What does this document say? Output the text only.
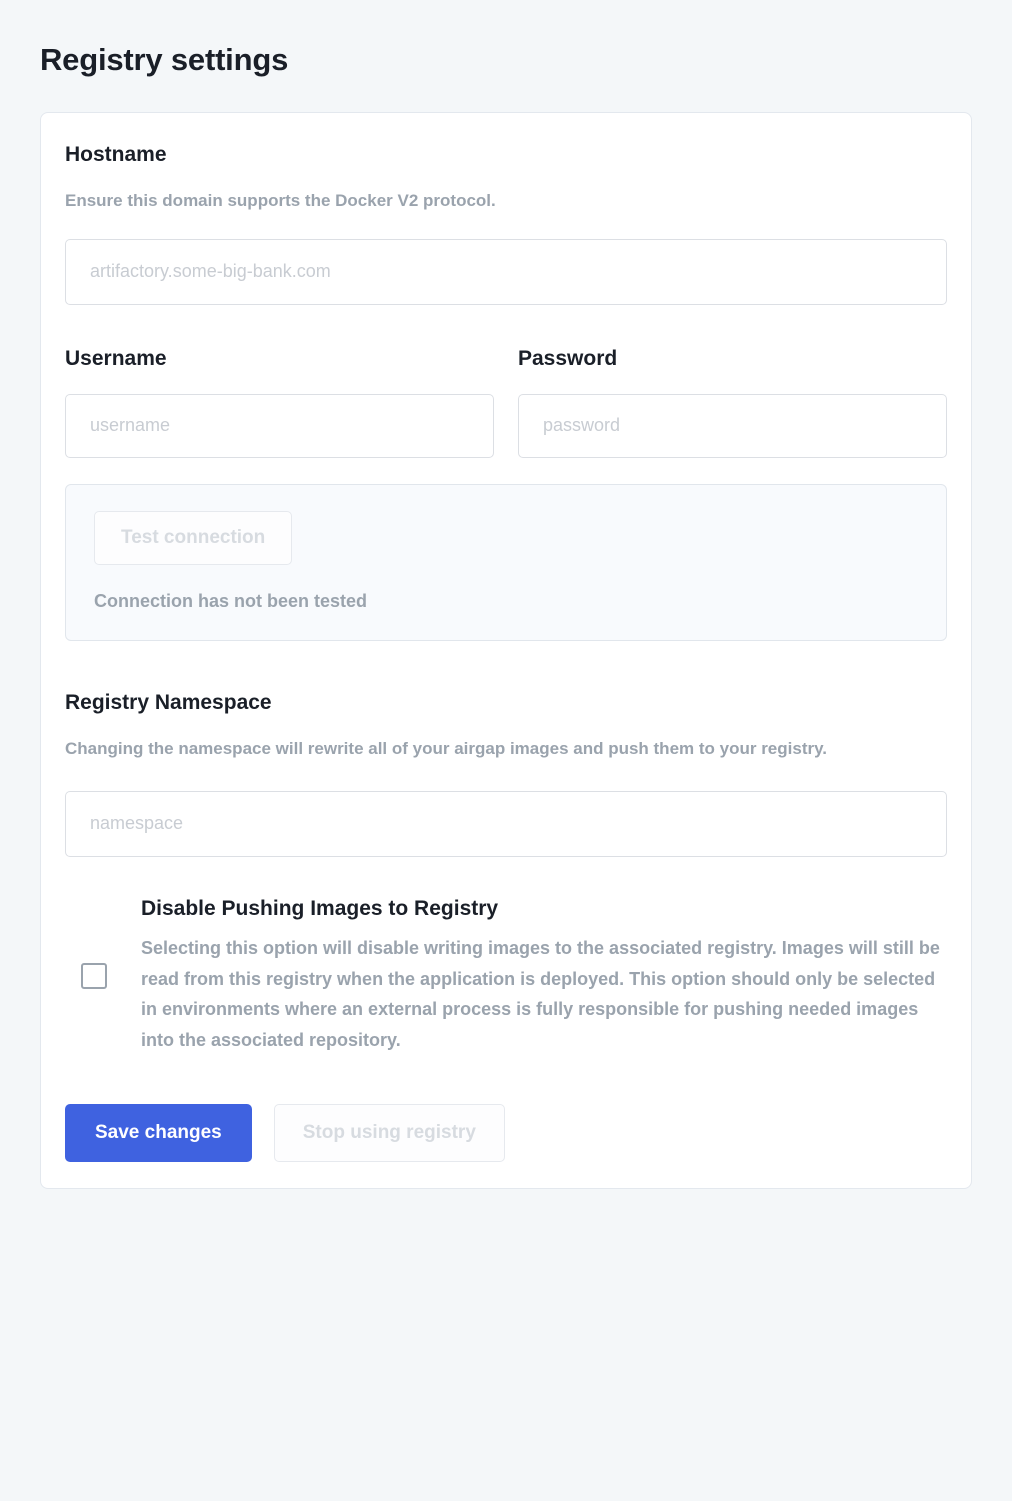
Registry settings
Hostname
Ensure this domain supports the Docker V2 protocol.
artifactory.some-big-bank.com
Username
username	Password
Test connection
Connection has not been tested
Registry Namespace
Changing the namespace will rewrite all of your airgap images and push them to your registry.
namespace
Disable Pushing Images to Registry

Selecting this option will disable writing images to the associated registry. Images will still be read from this registry when the application is deployed. This option should only be selected in environments where an external process is fully responsible for pushing needed images into the associated repository.

Save changes	Stop using registry
